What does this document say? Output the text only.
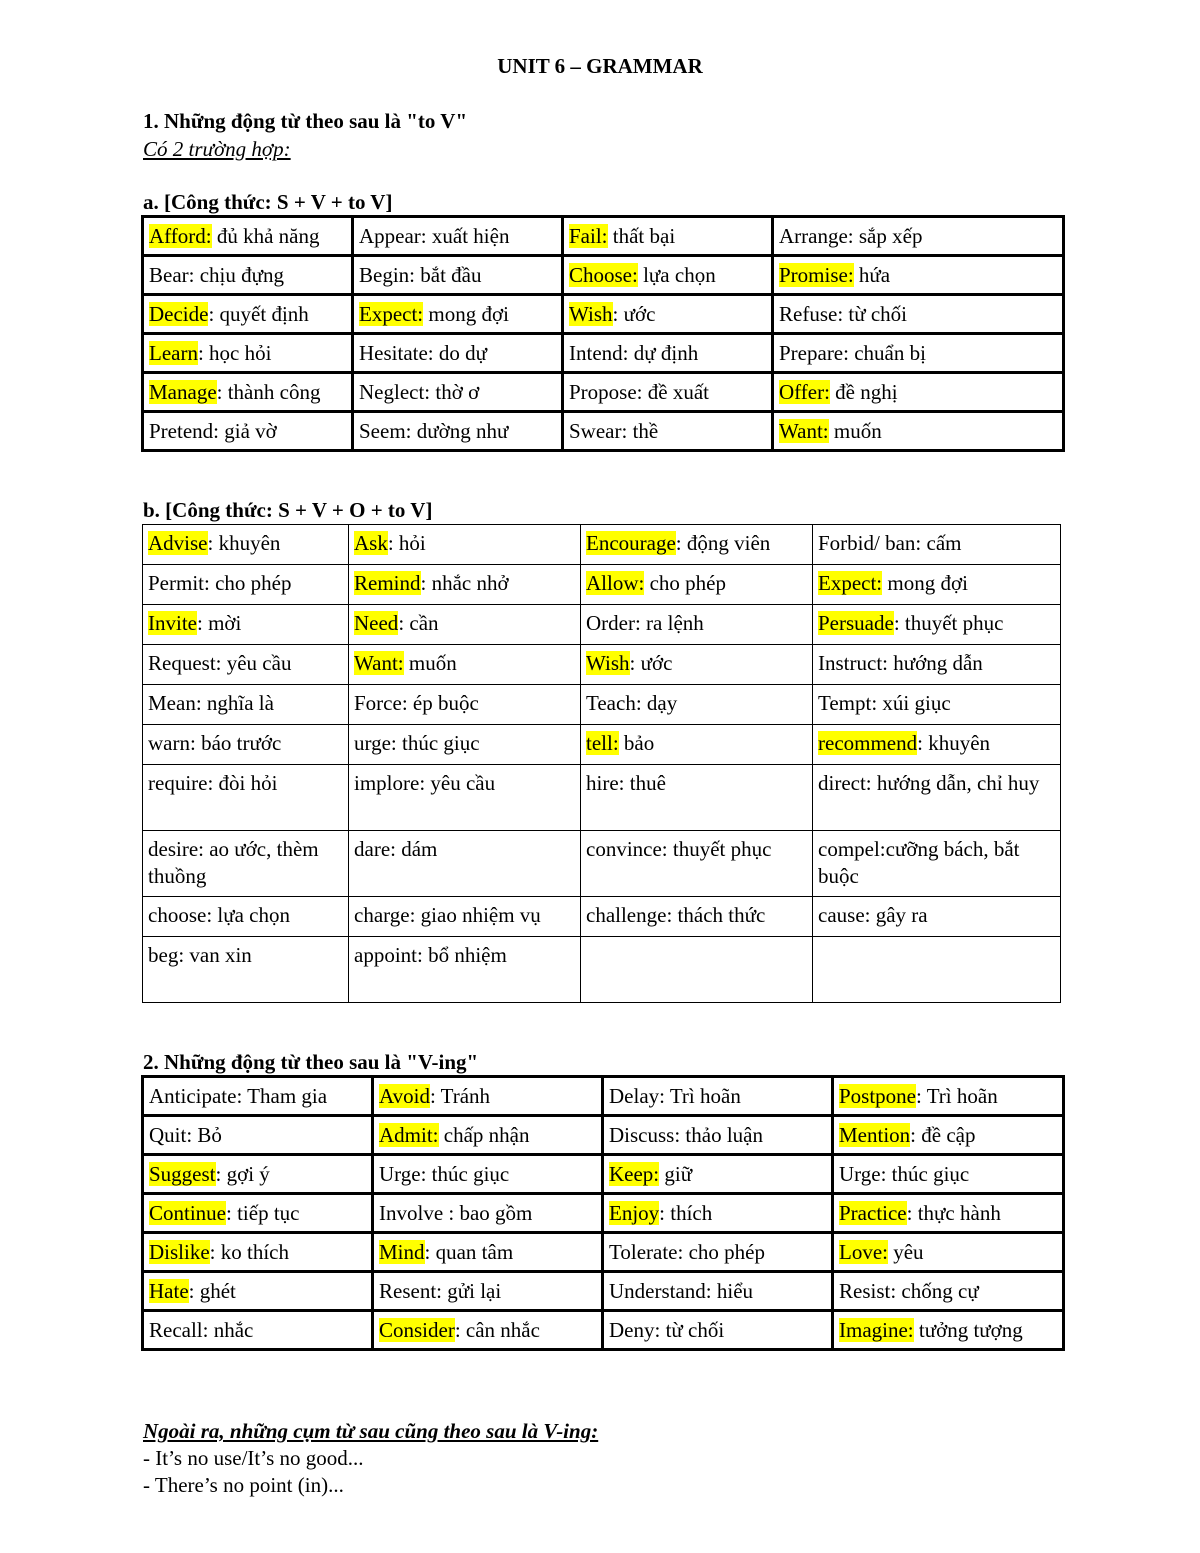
UNIT 6 – GRAMMAR
1. Những động từ theo sau là "to V"
Có 2 trường hợp:
a. [Công thức: S + V + to V]
Afford: đủ khả năng	Appear: xuất hiện	Fail: thất bại	Arrange: sắp xếp
Bear: chịu đựng	Begin: bắt đầu	Choose: lựa chọn	Promise: hứa
Decide: quyết định	Expect: mong đợi	Wish: ước	Refuse: từ chối
Learn: học hỏi	Hesitate: do dự	Intend: dự định	Prepare: chuẩn bị
Manage: thành công	Neglect: thờ ơ	Propose: đề xuất	Offer: đề nghị
Pretend: giả vờ	Seem: dường như	Swear: thề	Want: muốn
b. [Công thức: S + V + O + to V]
Advise: khuyên	Ask: hỏi	Encourage: động viên	Forbid/ ban: cấm
Permit: cho phép	Remind: nhắc nhở	Allow: cho phép	Expect: mong đợi
Invite: mời	Need: cần	Order: ra lệnh	Persuade: thuyết phục
Request: yêu cầu	Want: muốn	Wish: ước	Instruct: hướng dẫn
Mean: nghĩa là	Force: ép buộc	Teach: dạy	Tempt: xúi giục
warn: báo trước	urge: thúc giục	tell: bảo	recommend: khuyên
require: đòi hỏi	implore: yêu cầu	hire: thuê	direct: hướng dẫn, chỉ huy
desire: ao ước, thèm thuồng	dare: dám	convince: thuyết phục	compel:cưỡng bách, bắt buộc
choose: lựa chọn	charge: giao nhiệm vụ	challenge: thách thức	cause: gây ra
beg: van xin	appoint: bổ nhiệm		
2. Những động từ theo sau là "V-ing"
Anticipate: Tham gia	Avoid: Tránh	Delay: Trì hoãn	Postpone: Trì hoãn
Quit: Bỏ	Admit: chấp nhận	Discuss: thảo luận	Mention: đề cập
Suggest: gợi ý	Urge: thúc giục	Keep: giữ	Urge: thúc giục
Continue: tiếp tục	Involve : bao gồm	Enjoy: thích	Practice: thực hành
Dislike: ko thích	Mind: quan tâm	Tolerate: cho phép	Love: yêu
Hate: ghét	Resent: gửi lại	Understand: hiểu	Resist: chống cự
Recall: nhắc	Consider: cân nhắc	Deny: từ chối	Imagine: tưởng tượng
Ngoài ra, những cụm từ sau cũng theo sau là V-ing:
- It’s no use/It’s no good...
- There’s no point (in)...
